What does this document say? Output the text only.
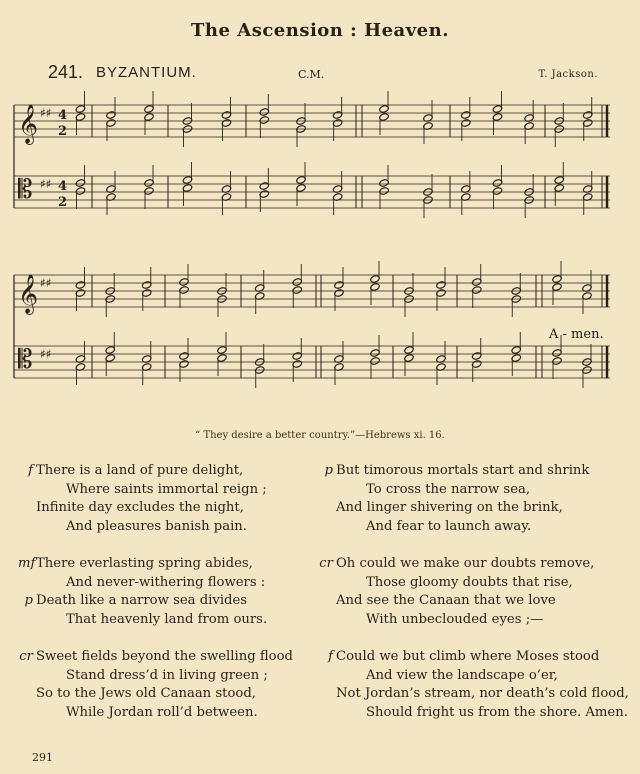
The Ascension : Heaven.
241. BYZANTIUM.	C.M.	T. Jackson.
𝄞 ♯♯ 4
2
𝄡 ♯♯ 4
2
𝄞 ♯♯
𝄡 ♯♯
A - men.
“ They desire a better country.”—Hebrews xi. 16.
f There is a land of pure delight,
Where saints immortal reign ;
Infinite day excludes the night,
And pleasures banish pain.
mfThere everlasting spring abides,
And never-withering flowers :
p Death like a narrow sea divides
That heavenly land from ours.
cr Sweet fields beyond the swelling flood
Stand dress’d in living green ;
So to the Jews old Canaan stood,
While Jordan roll’d between.
p But timorous mortals start and shrink
To cross the narrow sea,
And linger shivering on the brink,
And fear to launch away.
cr Oh could we make our doubts remove,
Those gloomy doubts that rise,
And see the Canaan that we love
With unbeclouded eyes ;—
f Could we but climb where Moses stood
And view the landscape o’er,
Not Jordan’s stream, nor death’s cold flood,
Should fright us from the shore. Amen.
291
